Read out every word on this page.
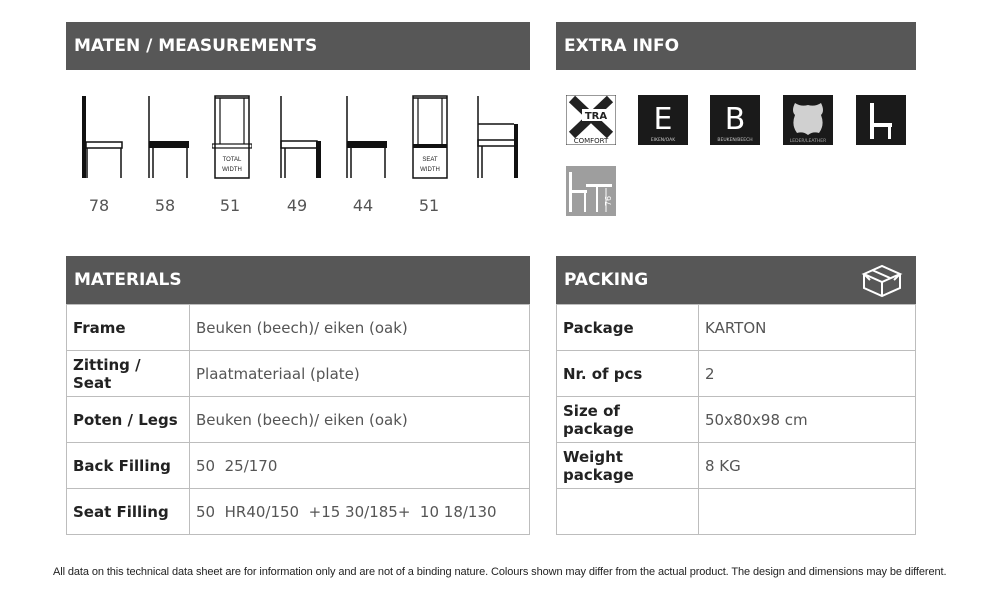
MATEN / MEASUREMENTS	EXTRA INFO
MATERIALS	PACKING
TOTAL
WIDTH
SEAT
WIDTH
78	58	51	49	44	51
TRA
COMFORT
E
EIKEN/OAK
B
BEUKEN/BEECH	LEDER/LEATHER
76
Frame	Beuken (beech)/ eiken (oak)
Zitting / Seat	Plaatmateriaal (plate)
Poten / Legs	Beuken (beech)/ eiken (oak)
Back Filling	50  25/170
Seat Filling	50  HR40/150  +15 30/185+  10 18/130
Package	KARTON
Nr. of pcs	2
Size of package	50x80x98 cm
Weight package	8 KG

All data on this technical data sheet are for information only and are not of a binding nature. Colours shown may differ from the actual product. The design and dimensions may be different.
